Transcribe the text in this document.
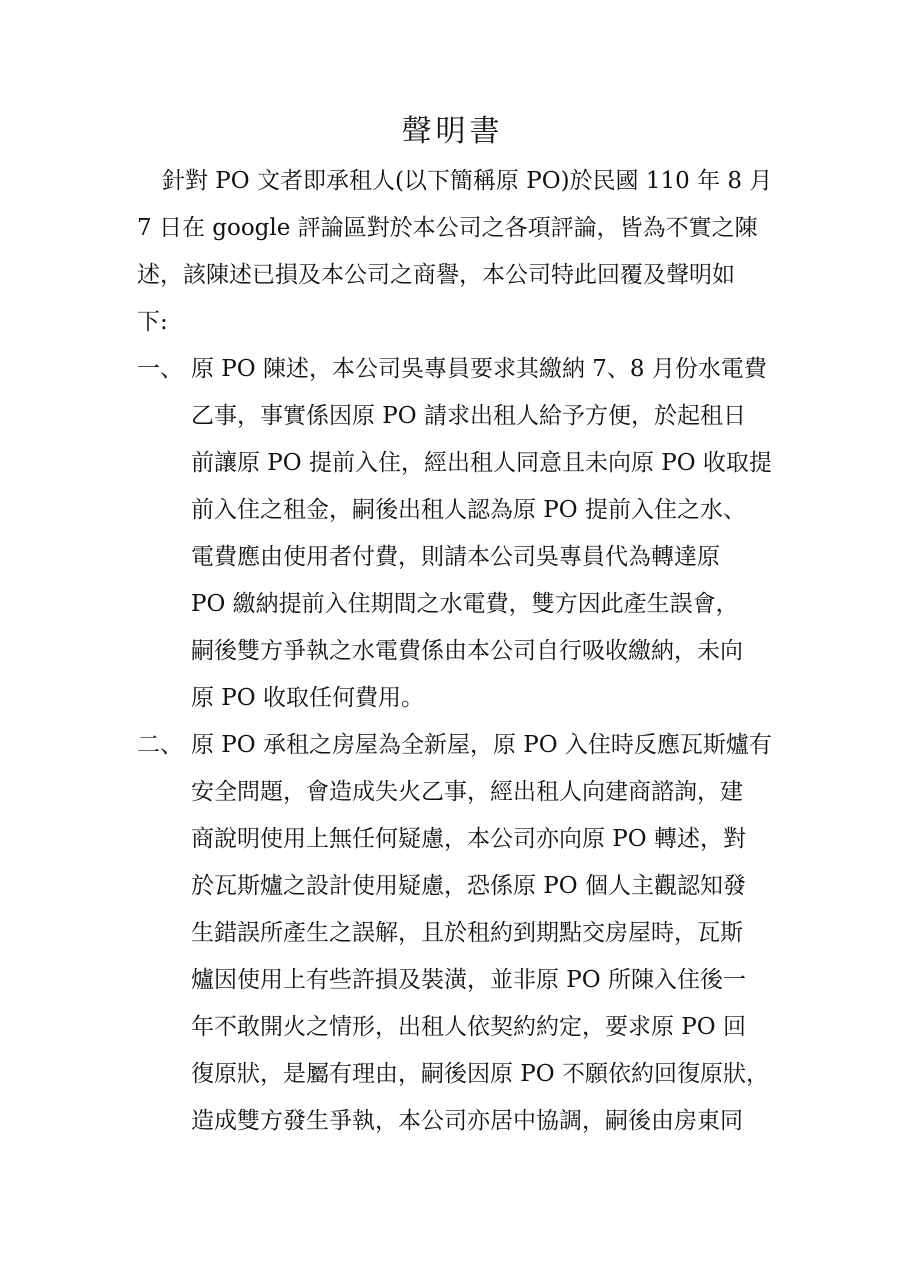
聲明書
針對 PO 文者即承租人(以下簡稱原 PO)於民國 110 年 8 月
7 日在 google 評論區對於本公司之各項評論，皆為不實之陳
述，該陳述已損及本公司之商譽，本公司特此回覆及聲明如
下:
一、 原 PO 陳述，本公司吳專員要求其繳納 7、8 月份水電費
乙事，事實係因原 PO 請求出租人給予方便，於起租日
前讓原 PO 提前入住，經出租人同意且未向原 PO 收取提
前入住之租金，嗣後出租人認為原 PO 提前入住之水、
電費應由使用者付費，則請本公司吳專員代為轉達原
PO 繳納提前入住期間之水電費，雙方因此產生誤會，
嗣後雙方爭執之水電費係由本公司自行吸收繳納，未向
原 PO 收取任何費用。
二、 原 PO 承租之房屋為全新屋，原 PO 入住時反應瓦斯爐有
安全問題，會造成失火乙事，經出租人向建商諮詢，建
商說明使用上無任何疑慮，本公司亦向原 PO 轉述，對
於瓦斯爐之設計使用疑慮，恐係原 PO 個人主觀認知發
生錯誤所產生之誤解，且於租約到期點交房屋時，瓦斯
爐因使用上有些許損及裝潢，並非原 PO 所陳入住後一
年不敢開火之情形，出租人依契約約定，要求原 PO 回
復原狀，是屬有理由，嗣後因原 PO 不願依約回復原狀，
造成雙方發生爭執，本公司亦居中協調，嗣後由房東同
